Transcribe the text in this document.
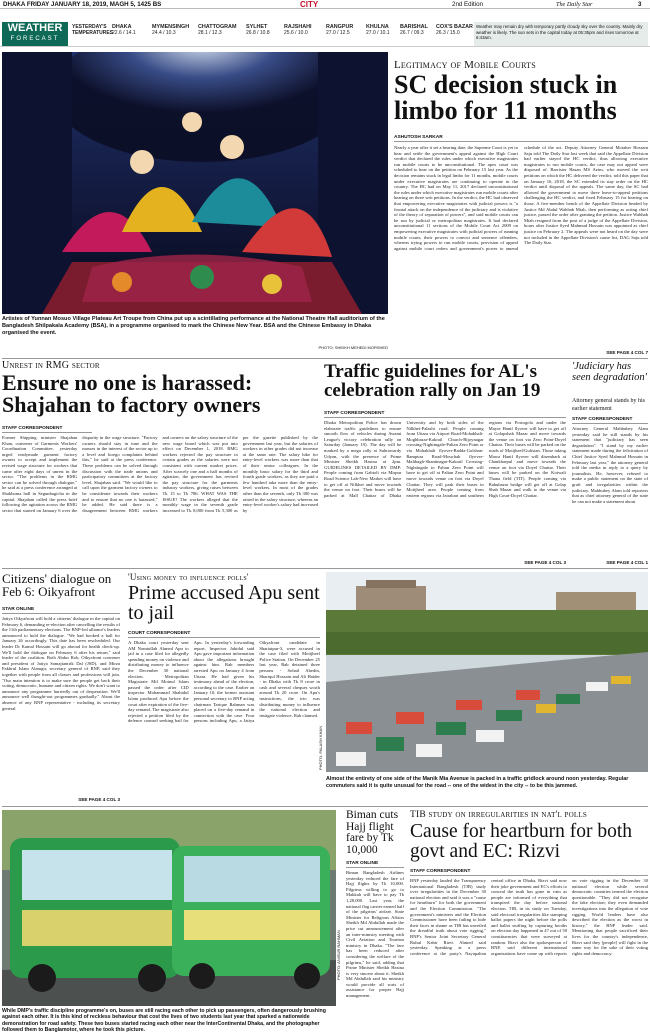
DHAKA FRIDAY JANUARY 18, 2019, MAGH 5, 1425 BS	CITY	2nd Edition	The Daily Star	3
WEATHER
FORECAST
YESTERDAY'S TEMPERATURES
DHAKA
22.6 / 14.1
MYMENSINGH
24.4 / 10.3
CHATTOGRAM
28.1 / 12.3
SYLHET
26.8 / 10.8
RAJSHAHI
25.6 / 10.0
RANGPUR
27.0 / 12.5
KHULNA
27.0 / 10.1
BARISHAL
26.7 / 09.3
COX'S BAZAR
26.3 / 15.0
Weather may remain dry with temporary partly cloudy sky over the country. Mainly dry weather is likely. The sun sets in the capital today at 05:35pm and rises tomorrow at 6:43am.
Artistes of Yunnan Mosuo Village Plateau Art Troupe from China put up a scintillating performance at the National Theatre Hall auditorium of the Bangladesh Shilpakala Academy (BSA), in a programme organised to mark the Chinese New Year. BSA and the Chinese Embassy in Dhaka organised the event.
PHOTO: SHEIKH MEHEDI MORSHED
Legitimacy of Mobile Courts
SC decision stuck in limbo for 11 months
ASHUTOSH SARKAR
Nearly a year after it set a hearing date, the Supreme Court is yet to hear and settle the government's appeal against the High Court verdict that declared the rules under which executive magistrates run mobile courts to be unconstitutional. The apex court was scheduled to hear on the petition on February 15 last year. As the decision remains stuck in legal limbo for 11 months, mobile courts under executive magistrates are continuing to operate in the country. The HC had on May 11, 2017 declared unconstitutional the rules under which executive magistrates run mobile courts after hearing on three writ petitions. In the verdict, the HC had observed that empowering executive magistrates with judicial powers is "a frontal attack on the independence of the judiciary and is violative of the theory of separation of powers", and said mobile courts can be run by judicial or metropolitan magistrates. It had declared unconstitutional 11 sections of the Mobile Court Act 2009 on empowering executive magistrates with judicial powers of running mobile courts, their powers to convict and sentence offenders, whereas trying powers to run mobile courts, provision of appeal against mobile court orders and government's power to amend schedule of the act. Deputy Attorney General Motaher Hossain Saju told The Daily Star last week that said the Appellate Division had earlier stayed the HC verdict, thus allowing executive magistrates to run mobile courts, the case may not appeal were disposed of. Barrister Hasan MS Azim, who moved the writ petitions on which the HC delivered the verdict, told this paper that on January 16, 2018, the SC extended its stay order on the HC verdict until disposal of the appeals. The same day, the SC had allowed the government to move three leave-to-appeal petitions challenging the HC verdict, and fixed February 15 for hearing on those. A five-member bench of the Appellate Division headed by Justice Md Abdul Wahhab Miah, then performing as acting chief justice, passed the order after granting the petition. Justice Wahhab Miah resigned from the post of a judge of the Appellate Division, hours after Justice Syed Mahmud Hossain was appointed as chief justice on February 2. The appeals were not heard on the day were not included in the Appellate Division's cause list, DAG Saju told The Daily Star.
SEE PAGE 4 COL 7
Unrest in RMG sector
Ensure no one is harassed: Shajahan to factory owners
STAFF CORRESPONDENT
Former Shipping minister Shajahan Khan, convener of Garments Workers' Coordination Committee, yesterday urged readymade garment factory owners to accept and implement the revised wage structure for workers that came after eight days of unrest in the sector. "The problems in the RMG sector can be solved through dialogue," he said at a press conference arranged at Shakhoma hall in Segunbagicha in the capital. Shajahan called the press brief following the agitation across the RMG sector that started on January 6 over the disparity in the wage structure. "Factory owners should stay in tune and the masses in the interest of the sector up to a level and forego complaints behind this," he said at the press conference. These problems can be solved through discussion with the trade unions and participatory committees at the factory level, Shajahan said. "We would like to call upon the garment factory owners to be considerate towards their workers and to ensure that no one is harassed," he added. He said there is a disagreement between RMG workers and owners on the salary structure of the new wage board which was put into effect on December 1, 2018. RMG workers rejected the pay structure in certain grades as the salaries were not consistent with current market prices. After scarcely one and a half months of agitation, the government has revised the pay structure for the garments industry workers, giving raises between Tk 15 to Tk 786. WHAT WAS THE ISSUE? The workers alleged that the monthly wage in the seventh grade increased to Tk 8,000 from Tk 5,300 as per the gazette published by the government last year, but the salaries of workers in other grades did not increase at the same rate. The salary hike for entry-level workers was more than that of their senior colleagues. In the monthly basic salary for the third and fourth grade workers, as they are paid a few hundred taka more than the entry-level workers. In most of the grades other than the seventh, only Tk 300 was raised in the salary structure, whereas an entry-level worker's salary had increased by
Traffic guidelines for AL's celebration rally on Jan 19
STAFF CORRESPONDENT
Dhaka Metropolitan Police has drawn elaborate traffic guidelines to ensure smooth flow of vehicles during Awami League's victory celebration rally on Saturday (January 19). The day will be marked by a mega rally at Suhrawardy Udyan, with the presence of Prime Minister Sheikh Hasina at 2pm. GUIDELINES DETAILED BY DMP: People coming from Gabtoli via Mirpur Road Science Lab-New Market will have to get off at Nilkhet and move towards the venue on foot. Their buses will be parked at Mall Chattar of Dhaka University and by both sides of the Nilkhet-Palashi road. People coming from Uttara via Airport Road-Mohakhali-Moghbazar-Kakrail Church-Bijoynagar crossing-Nightingale-Paltan Zero Point or via Mohakhali flyover-Badda-Gulshan-Rampura Road-Mouchak flyover-Malibagh-Shantinagar-Kakrail Crossing-Nightingale to Paltan Zero Point will have to get off at Paltan Zero Point and move towards venue on foot via Doyel Chattar. They will park their buses in Motijheel area. People coming from eastern regions via Jatrabari and southern regions via Postogola and under the Mayor Hanif flyover will have to get off at Golapshah Mazar and move towards the venue on foot via Zero Point-Doyel Chattar. Their buses will be parked on the roads of Motijheel/Gulistan. Those taking Mawa Hanif flyover will disembark at Chankharpul and move towards the venue on foot via Doyel Chattar. Their buses will be parked on the Kotwali Thana field (TIT). People coming via Babubazar bridge will get off at Golap Shah Mazar and walk to the venue via High Court-Doyel Chattar.
SEE PAGE 4 COL 3
'Judiciary has seen degradation'
Attorney general stands by his earlier statement
STAFF CORRESPONDENT
Attorney General Mahbubey Alam yesterday said he still stands by his statement that "judiciary has seen degradation". "I stand by my earlier statement made during the felicitation of Chief Justice Syed Mahmud Hossain in February last year," the attorney general told the media in reply to a query by journalists. He, however, refused to make a public statement on the state of graft and irregularities within the judiciary. Mahbubey Alam told reporters that as chief attorney general of the state he can not make a statement about
SEE PAGE 4 COL 1
Citizens' dialogue on Feb 6: Oikyafront
STAR ONLINE
Jatiya Oikyafront will hold a citizens' dialogue in the capital on February 6, demanding re-election after cancelling the results of the 11th parliamentary elections. The BNP-led alliance's leaders announced to hold the dialogue. "We had booked a hall for January 26 accordingly. This date has been rescheduled. Our leader Dr Kamal Hossain will go abroad for health check-up. We'll hold the dialogue on February 6 after his return," said leader of the coalition. Both Abdur Rob, Oikyafront convener and president of Jatiya Samajtantrik Dal (JSD), and Mirza Fakhrul Islam Alamgir, secretary general of BNP, said they together with people from all classes and professions will join. "Our main intention is to make sure the people get back their voting, democratic, humane and citizen rights. We don't want to announce any programme hurriedly out of desperation. We'll announce well thought-out programmes gradually." About the absence of any BNP representative - including its secretary general
SEE PAGE 4 COL 3
'Using money to influence polls'
Prime accused Apu sent to jail
COURT CORRESPONDENT
A Dhaka court yesterday sent AM Nomiullah Ahmed Apu to jail in a case filed for allegedly spending money on violence and distributing money to influence the December 30 national election. Metropolitan Magistrate Md Moinul Islam passed the order after CID inspector Mohammad Shahidul Islam produced Apu before the court after expiration of the five-day remand. The magistrate also rejected a petition filed by the defence counsel seeking bail for Apu. In yesterday's forwarding report, Inspector Jahidul said Apu gave important information about the allegations brought against him. Rab members arrested Apu on January 4 from Uttara. He had given his testimony ahead of the election, according to the case. Earlier on January 10, the former assistant personal secretary to BNP acting chairman Tarique Rahman was placed on a five-day remand in connection with the case. Four persons including Apu, a Jatiya Oikyafront candidate in Shariatpur-3, were accused in the case filed with Motijheel Police Station. On December 25 last year, Rab detained three persons - Sohail Abedin, Shariqul Hossain and Ali Haider - in Dhaka with Tk 8 crore in cash and several cheques worth around Tk 20 crore. On Apu's instructions, the trio was distributing money to influence the national election and instigate violence, Rab claimed.
PHOTO: PALASH KHAN
Almost the entirety of one side of the Manik Mia Avenue is packed in a traffic gridlock around noon yesterday. Regular commuters said it is quite unusual for the road -- one of the widest in the city -- to be this jammed.
PHOTO: ANISUR RAHMAN
While DMP's traffic discipline programme's on, buses are still racing each other to pick up passengers, often dangerously brushing against each other. It is this kind of reckless behaviour that cost the lives of two students last year that sparked a nationwide demonstration for road safety. These two buses started racing each other near the InterContinental Dhaka, and the photographer followed them to Banglamotor, where he took this picture.
Biman cuts Hajj flight fare by Tk 10,000
STAR ONLINE
Biman Bangladesh Airlines yesterday reduced the fare of Hajj flights by Tk 10,000. Pilgrims willing to go to Makkah will have to pay Tk 1,28,000. Last year, the national flag carrier earned half of the pilgrims' airfare. State Minister for Religious Affairs Sheikh Md Abdullah made the price cut announcement after an inter-ministry meeting with Civil Aviation and Tourism ministry in Dhaka. "The fare has been reduced after considering the welfare of the pilgrims," he said, adding that Prime Minister Sheikh Hasina is very sincere about it. Sheikh Md Abdullah said his ministry would provide all sorts of assistance for proper Hajj management.
TIB study on irregularities in nat'l polls
Cause for heartburn for both govt and EC: Rizvi
STAFF CORRESPONDENT
BNP yesterday lauded the Transparency International Bangladesh (TIB) study over irregularities in the December 30 national election and said it was a "cause for heartburn" for both the government and the Election Commission. "The government's ministers and the Election Commissioner have been failing to hide their faces in shame as TIB has unveiled the dreadful truth about vote rigging," BNP's Senior Joint Secretary General Ruhul Kabir Rizvi Ahmed said yesterday. Speaking at a press conference at the party's Nayapaltan central office in Dhaka, Rizvi said now their joke government and EC's efforts to conceal the truth has gone in vain as people are informed of everything that transpired the day before national election. TIB, in its study on Tuesday, said electoral irregularities like stamping ballot papers the night before the polls and ballot stuffing by capturing booths on election day happened in 47 out of 50 constituencies that were surveyed at random. Rizvi also the spokesperson of BNP, said different international organisations have come up with reports on vote rigging in the December 30 national election while several democratic countries termed the election questionable. "They did not recognise the fake election; they even demanded investigations into the allegation of vote rigging. World leaders have also described the election as the worst in history," the BNP leader said. Mentioning that people sacrificed their lives for the country's independence, Rizvi said they [people] will fight in the same way for the sake of their voting rights and democracy.
